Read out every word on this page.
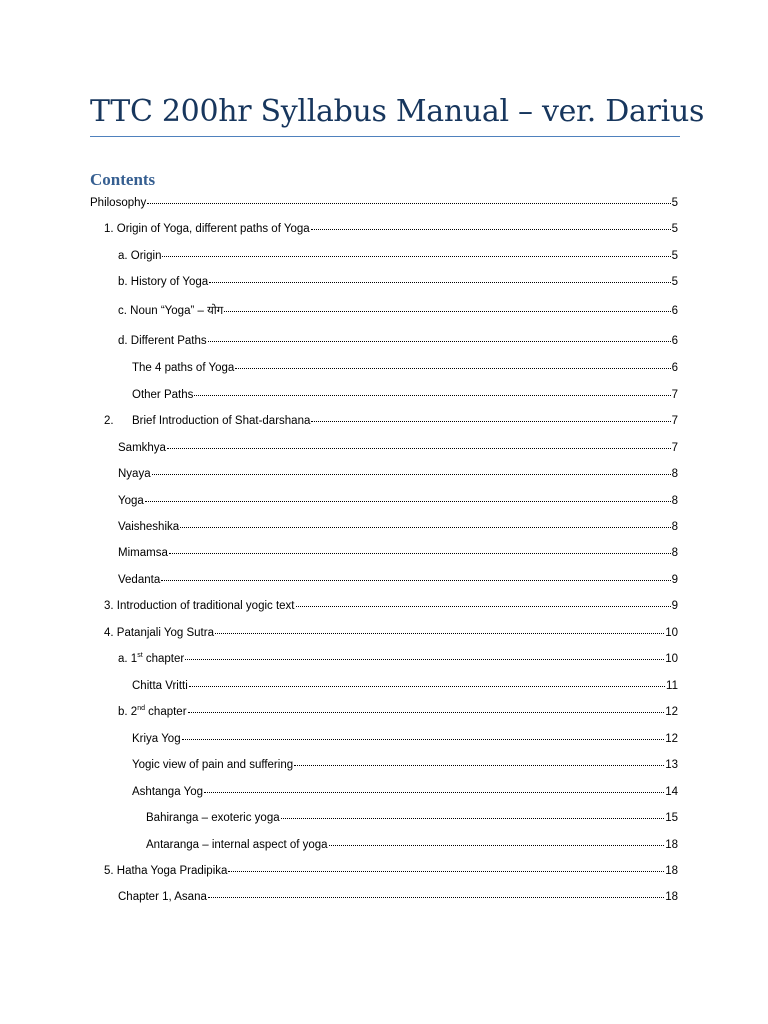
TTC 200hr Syllabus Manual – ver. Darius
Contents
Philosophy	5
1. Origin of Yoga, different paths of Yoga	5
a. Origin	5
b. History of Yoga	5
c. Noun “Yoga” – योग	6
d. Different Paths	6
The 4 paths of Yoga	6
Other Paths	7
2.	Brief Introduction of Shat-darshana	7
Samkhya	7
Nyaya	8
Yoga	8
Vaisheshika	8
Mimamsa	8
Vedanta	9
3. Introduction of traditional yogic text	9
4. Patanjali Yog Sutra	10
a. 1st chapter	10
Chitta Vritti	11
b. 2nd chapter	12
Kriya Yog	12
Yogic view of pain and suffering	13
Ashtanga Yog	14
Bahiranga – exoteric yoga	15
Antaranga – internal aspect of yoga	18
5. Hatha Yoga Pradipika	18
Chapter 1, Asana	18
